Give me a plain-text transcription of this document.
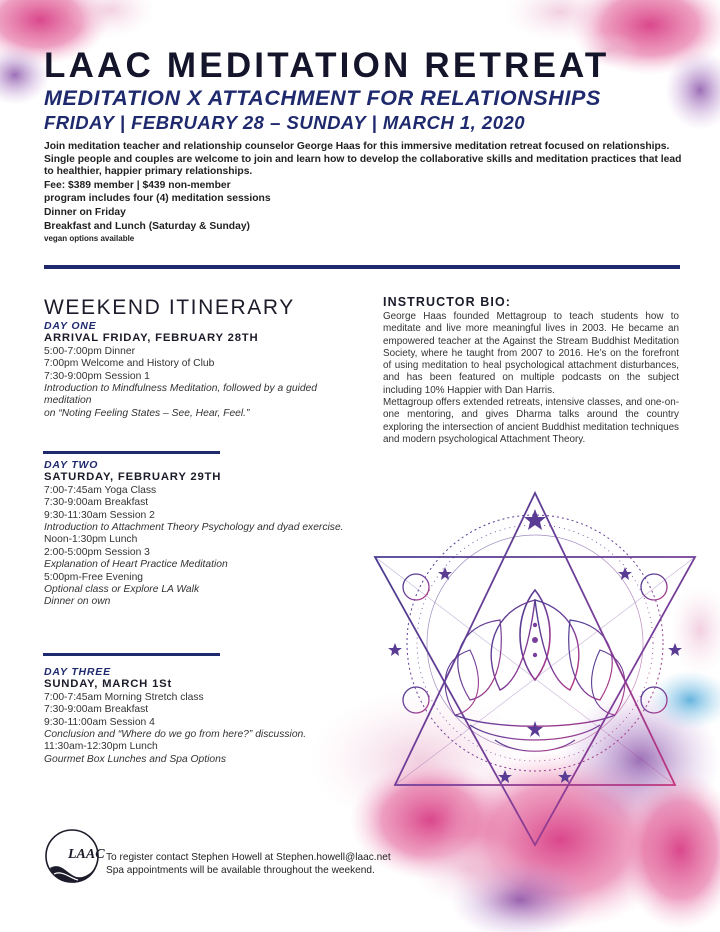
LAAC MEDITATION RETREAT
MEDITATION X ATTACHMENT FOR RELATIONSHIPS
FRIDAY | FEBRUARY 28 – SUNDAY | MARCH 1, 2020
Join meditation teacher and relationship counselor George Haas for this immersive meditation retreat focused on relationships. Single people and couples are welcome to join and learn how to develop the collaborative skills and meditation practices that lead to healthier, happier primary relationships.
Fee: $389 member | $439 non-member
program includes four (4) meditation sessions
Dinner on Friday
Breakfast and Lunch (Saturday & Sunday)
vegan options available
WEEKEND ITINERARY
DAY ONE
ARRIVAL FRIDAY, FEBRUARY 28TH
5:00-7:00pm Dinner
7:00pm Welcome and History of Club
7:30-9:00pm Session 1
Introduction to Mindfulness Meditation, followed by a guided meditation
on “Noting Feeling States – See, Hear, Feel.”
DAY TWO
SATURDAY, FEBRUARY 29TH
7:00-7:45am Yoga Class
7:30-9:00am Breakfast
9:30-11:30am Session 2
Introduction to Attachment Theory Psychology and dyad exercise.
Noon-1:30pm Lunch
2:00-5:00pm Session 3
Explanation of Heart Practice Meditation
5:00pm-Free Evening
Optional class or Explore LA Walk
Dinner on own
DAY THREE
SUNDAY, MARCH 1St
7:00-7:45am Morning Stretch class
7:30-9:00am Breakfast
9:30-11:00am Session 4
Conclusion and “Where do we go from here?” discussion.
11:30am-12:30pm Lunch
Gourmet Box Lunches and Spa Options
INSTRUCTOR BIO:
George Haas founded Mettagroup to teach students how to meditate and live more meaningful lives in 2003. He became an empowered teacher at the Against the Stream Buddhist Meditation Society, where he taught from 2007 to 2016. He’s on the forefront of using meditation to heal psychological attachment disturbances, and has been featured on multiple podcasts on the subject including 10% Happier with Dan Harris.
Mettagroup offers extended retreats, intensive classes, and one-on-one mentoring, and gives Dharma talks around the country exploring the intersection of ancient Buddhist meditation techniques and modern psychological Attachment Theory.
LAAC To register contact Stephen Howell at Stephen.howell@laac.net
Spa appointments will be available throughout the weekend.
